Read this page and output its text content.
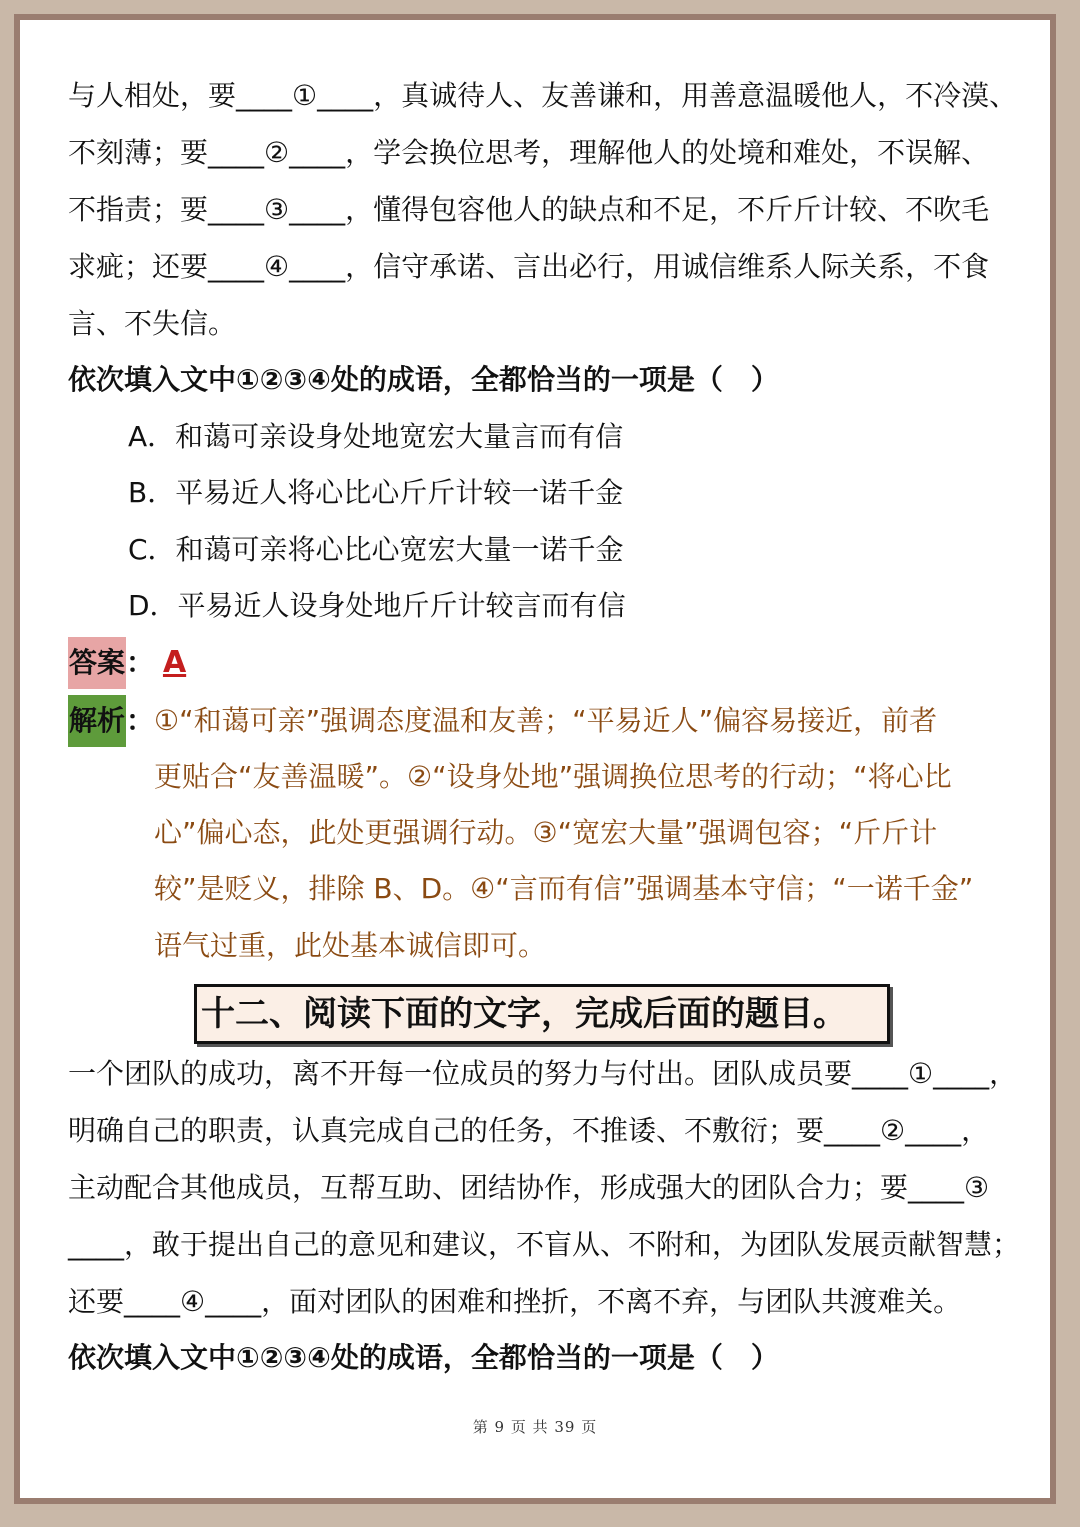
与人相处，要____①____，真诚待人、友善谦和，用善意温暖他人，不冷漠、
不刻薄；要____②____，学会换位思考，理解他人的处境和难处，不误解、
不指责；要____③____，懂得包容他人的缺点和不足，不斤斤计较、不吹毛
求疵；还要____④____，信守承诺、言出必行，用诚信维系人际关系，不食
言、不失信。
依次填入文中①②③④处的成语，全都恰当的一项是（　）
A．和蔼可亲设身处地宽宏大量言而有信
B．平易近人将心比心斤斤计较一诺千金
C．和蔼可亲将心比心宽宏大量一诺千金
D．平易近人设身处地斤斤计较言而有信
答案： A
解析： ①“和蔼可亲”强调态度温和友善；“平易近人”偏容易接近，前者
更贴合“友善温暖”。②“设身处地”强调换位思考的行动；“将心比
心”偏心态，此处更强调行动。③“宽宏大量”强调包容；“斤斤计
较”是贬义，排除 B、D。④“言而有信”强调基本守信；“一诺千金”
语气过重，此处基本诚信即可。
十二、阅读下面的文字，完成后面的题目。
一个团队的成功，离不开每一位成员的努力与付出。团队成员要____①____，
明确自己的职责，认真完成自己的任务，不推诿、不敷衍；要____②____，
主动配合其他成员，互帮互助、团结协作，形成强大的团队合力；要____③
____，敢于提出自己的意见和建议，不盲从、不附和，为团队发展贡献智慧；
还要____④____，面对团队的困难和挫折，不离不弃，与团队共渡难关。
依次填入文中①②③④处的成语，全都恰当的一项是（　）
第 9 页 共 39 页
